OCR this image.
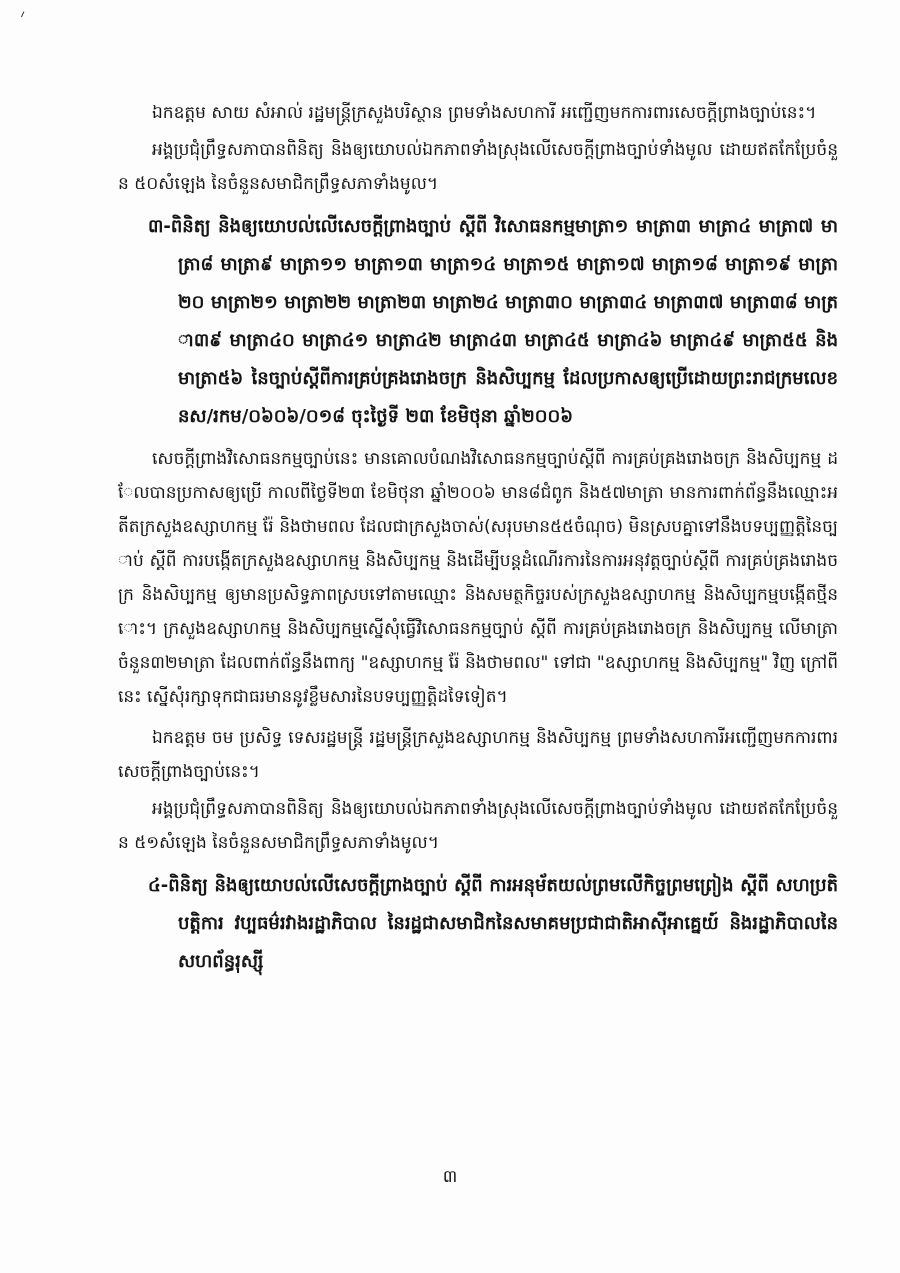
ឯកឧត្តម សាយ សំអាល់ រដ្ឋមន្ត្រីក្រសួងបរិស្ថាន ព្រមទាំងសហការី អញ្ជើញមកការពារសេចក្តីព្រាងច្បាប់នេះ។

អង្គប្រជុំព្រឹទ្ធសភាបានពិនិត្យ និងឲ្យយោបល់ឯកភាពទាំងស្រុងលើសេចក្តីព្រាងច្បាប់ទាំងមូល ដោយឥតកែប្រែចំនួន ៥០សំឡេង នៃចំនួនសមាជិកព្រឹទ្ធសភាទាំងមូល។

៣-ពិនិត្យ និងឲ្យយោបល់លើសេចក្តីព្រាងច្បាប់ ស្តីពី វិសោធនកម្មមាត្រា១ មាត្រា៣ មាត្រា៤ មាត្រា៧ មាត្រា៨ មាត្រា៩ មាត្រា១១ មាត្រា១៣ មាត្រា១៤ មាត្រា១៥ មាត្រា១៧ មាត្រា១៨ មាត្រា១៩ មាត្រា២០ មាត្រា២១ មាត្រា២២ មាត្រា២៣ មាត្រា២៤ មាត្រា៣០ មាត្រា៣៤ មាត្រា៣៧ មាត្រា៣៨ មាត្រា៣៩ មាត្រា៤០ មាត្រា៤១ មាត្រា៤២ មាត្រា៤៣ មាត្រា៤៥ មាត្រា៤៦ មាត្រា៤៩ មាត្រា៥៥ និងមាត្រា៥៦ នៃច្បាប់ស្តីពីការគ្រប់គ្រងរោងចក្រ និងសិប្បកម្ម ដែលប្រកាសឲ្យប្រើដោយព្រះរាជក្រមលេខ នស/រកម/០៦០៦/០១៨ ចុះថ្ងៃទី ២៣ ខែមិថុនា ឆ្នាំ២០០៦

សេចក្តីព្រាងវិសោធនកម្មច្បាប់នេះ មានគោលបំណងវិសោធនកម្មច្បាប់ស្តីពី ការគ្រប់គ្រងរោងចក្រ និងសិប្បកម្ម ដែលបានប្រកាសឲ្យប្រើ កាលពីថ្ងៃទី២៣ ខែមិថុនា ឆ្នាំ២០០៦ មាន៨ជំពូក និង៥៧មាត្រា មានការពាក់ព័ន្ធនឹងឈ្មោះអតីតក្រសួងឧស្សាហកម្ម រ៉ែ និងថាមពល ដែលជាក្រសួងចាស់(សរុបមាន៥៥ចំណុច) មិនស្របគ្នាទៅនឹងបទប្បញ្ញត្តិនៃច្បាប់ ស្តីពី ការបង្កើតក្រសួងឧស្សាហកម្ម និងសិប្បកម្ម និងដើម្បីបន្តដំណើរការនៃការអនុវត្តច្បាប់ស្តីពី ការគ្រប់គ្រងរោងចក្រ និងសិប្បកម្ម ឲ្យមានប្រសិទ្ធភាពស្របទៅតាមឈ្មោះ និងសមត្ថកិច្ចរបស់ក្រសួងឧស្សាហកម្ម និងសិប្បកម្មបង្កើតថ្មីនោះ។ ក្រសួងឧស្សាហកម្ម និងសិប្បកម្មស្នើសុំធ្វើវិសោធនកម្មច្បាប់ ស្តីពី ការគ្រប់គ្រងរោងចក្រ និងសិប្បកម្ម លើមាត្រាចំនួន៣២មាត្រា ដែលពាក់ព័ន្ធនឹងពាក្យ "ឧស្សាហកម្ម រ៉ែ និងថាមពល" ទៅជា "ឧស្សាហកម្ម និងសិប្បកម្ម" វិញ ក្រៅពីនេះ ស្នើសុំរក្សាទុកជាធរមាននូវខ្លឹមសារនៃបទប្បញ្ញត្តិដទៃទៀត។

ឯកឧត្តម ចម ប្រសិទ្ធ ទេសរដ្ឋមន្ត្រី រដ្ឋមន្ត្រីក្រសួងឧស្សាហកម្ម និងសិប្បកម្ម ព្រមទាំងសហការីអញ្ជើញមកការពារសេចក្តីព្រាងច្បាប់នេះ។

អង្គប្រជុំព្រឹទ្ធសភាបានពិនិត្យ និងឲ្យយោបល់ឯកភាពទាំងស្រុងលើសេចក្តីព្រាងច្បាប់ទាំងមូល ដោយឥតកែប្រែចំនួន ៥១សំឡេង នៃចំនួនសមាជិកព្រឹទ្ធសភាទាំងមូល។

៤-ពិនិត្យ និងឲ្យយោបល់លើសេចក្តីព្រាងច្បាប់ ស្តីពី ការអនុម័តយល់ព្រមលើកិច្ចព្រមព្រៀង ស្តីពី សហប្រតិបត្តិការ វប្បធម៌រវាងរដ្ឋាភិបាល នៃរដ្ឋជាសមាជិកនៃសមាគមប្រជាជាតិអាស៊ីអាគ្នេយ៍ និងរដ្ឋាភិបាលនៃសហព័ន្ធរុស្ស៊ី

៣
